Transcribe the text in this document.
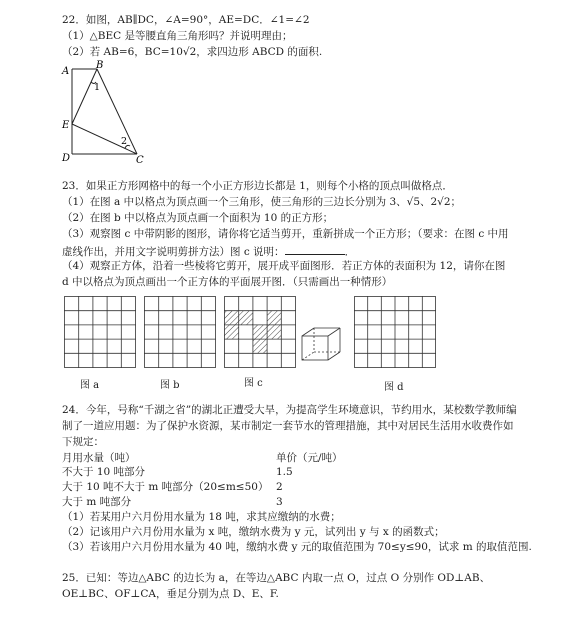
22．如图，AB∥DC，∠A=90°，AE=DC．∠1=∠2
（1）△BEC 是等腰直角三角形吗？并说明理由；
（2）若 AB=6，BC=10√2，求四边形 ABCD 的面积.
A
B
E
D	C
1
2
23．如果正方形网格中的每一个小正方形边长都是 1，则每个小格的顶点叫做格点．
（1）在图 a 中以格点为顶点画一个三角形，使三角形的三边长分别为 3、√5、2√2；
（2）在图 b 中以格点为顶点画一个面积为 10 的正方形；
（3）观察图 c 中带阴影的图形，请你将它适当剪开，重新拼成一个正方形；（要求：在图 c 中用
虚线作出，并用文字说明剪拼方法）图 c 说明：	．
（4）观察正方体，沿着一些棱将它剪开，展开成平面图形．若正方体的表面积为 12，请你在图
d 中以格点为顶点画出一个正方体的平面展开图．（只需画出一种情形）
图 a	图 b	图 c	图 d
24．今年，号称“千湖之省”的湖北正遭受大旱，为提高学生环境意识，节约用水，某校数学教师编
制了一道应用题：为了保护水资源，某市制定一套节水的管理措施，其中对居民生活用水收费作如
下规定：
月用水量（吨）	单价（元/吨）
不大于 10 吨部分	1.5
大于 10 吨不大于 m 吨部分（20≤m≤50） 2
大于 m 吨部分	3
（1）若某用户六月份用水量为 18 吨，求其应缴纳的水费；
（2）记该用户六月份用水量为 x 吨，缴纳水费为 y 元，试列出 y 与 x 的函数式；
（3）若该用户六月份用水量为 40 吨，缴纳水费 y 元的取值范围为 70≤y≤90，试求 m 的取值范围.
25．已知：等边△ABC 的边长为 a，在等边△ABC 内取一点 O，过点 O 分别作 OD⊥AB、
OE⊥BC、OF⊥CA，垂足分别为点 D、E、F.
